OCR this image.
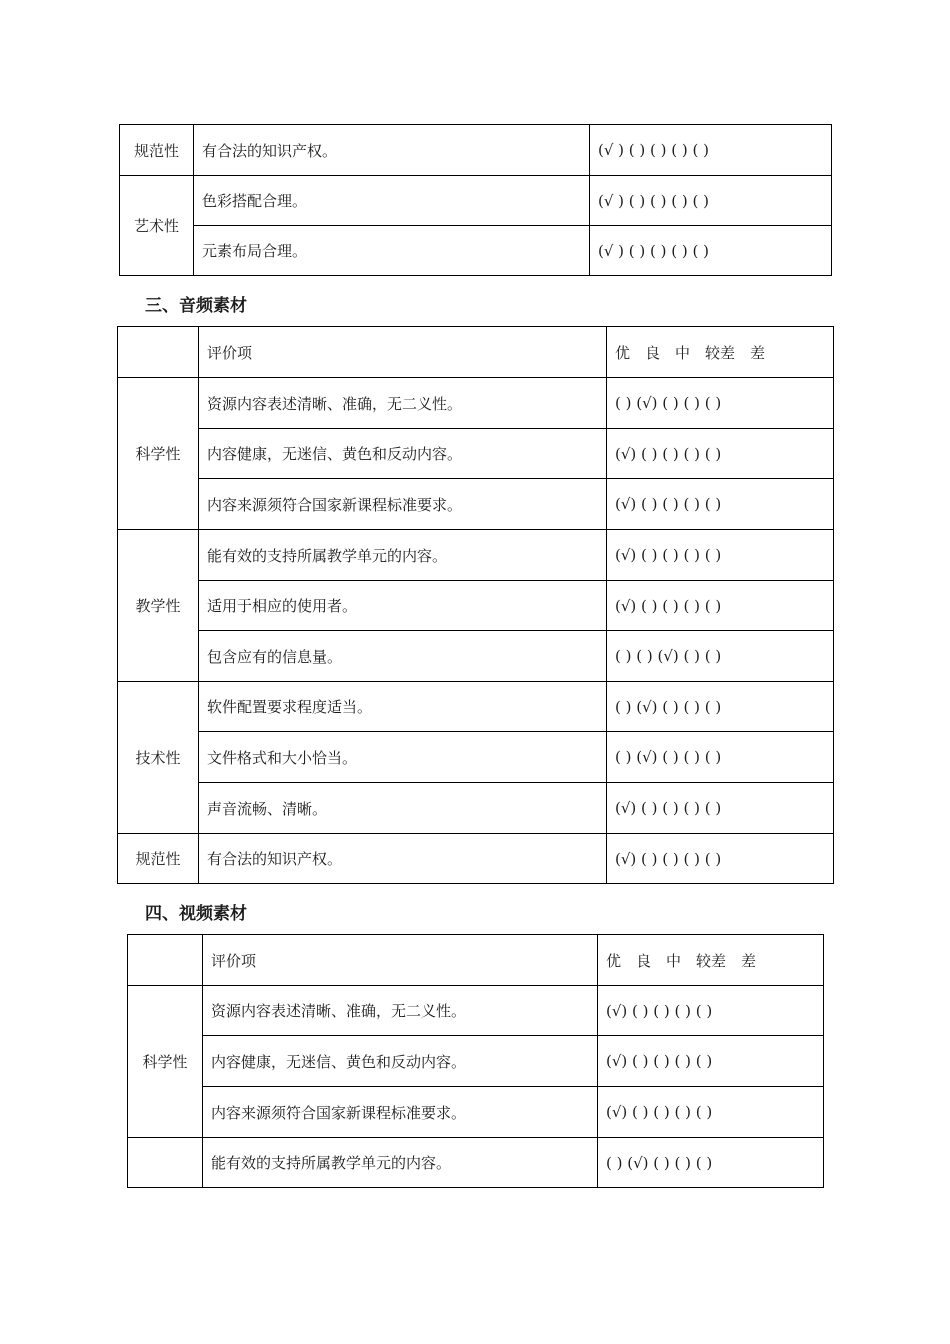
规范性	有合法的知识产权。	(√ ) ( ) ( ) ( ) ( )
艺术性	色彩搭配合理。	(√ ) ( ) ( ) ( ) ( )
	元素布局合理。	(√ ) ( ) ( ) ( ) ( )
三、音频素材
	评价项	优　良　中　较差　差
科学性	资源内容表述清晰、准确，无二义性。	( ) (√) ( ) ( ) ( )
	内容健康，无迷信、黄色和反动内容。	(√) ( ) ( ) ( ) ( )
	内容来源须符合国家新课程标准要求。	(√) ( ) ( ) ( ) ( )
教学性	能有效的支持所属教学单元的内容。	(√) ( ) ( ) ( ) ( )
	适用于相应的使用者。	(√) ( ) ( ) ( ) ( )
	包含应有的信息量。	( ) ( ) (√) ( ) ( )
技术性	软件配置要求程度适当。	( ) (√) ( ) ( ) ( )
	文件格式和大小恰当。	( ) (√) ( ) ( ) ( )
	声音流畅、清晰。	(√) ( ) ( ) ( ) ( )
规范性	有合法的知识产权。	(√) ( ) ( ) ( ) ( )
四、视频素材
	评价项	优　良　中　较差　差
科学性	资源内容表述清晰、准确，无二义性。	(√) ( ) ( ) ( ) ( )
	内容健康，无迷信、黄色和反动内容。	(√) ( ) ( ) ( ) ( )
	内容来源须符合国家新课程标准要求。	(√) ( ) ( ) ( ) ( )
	能有效的支持所属教学单元的内容。	( ) (√) ( ) ( ) ( )
